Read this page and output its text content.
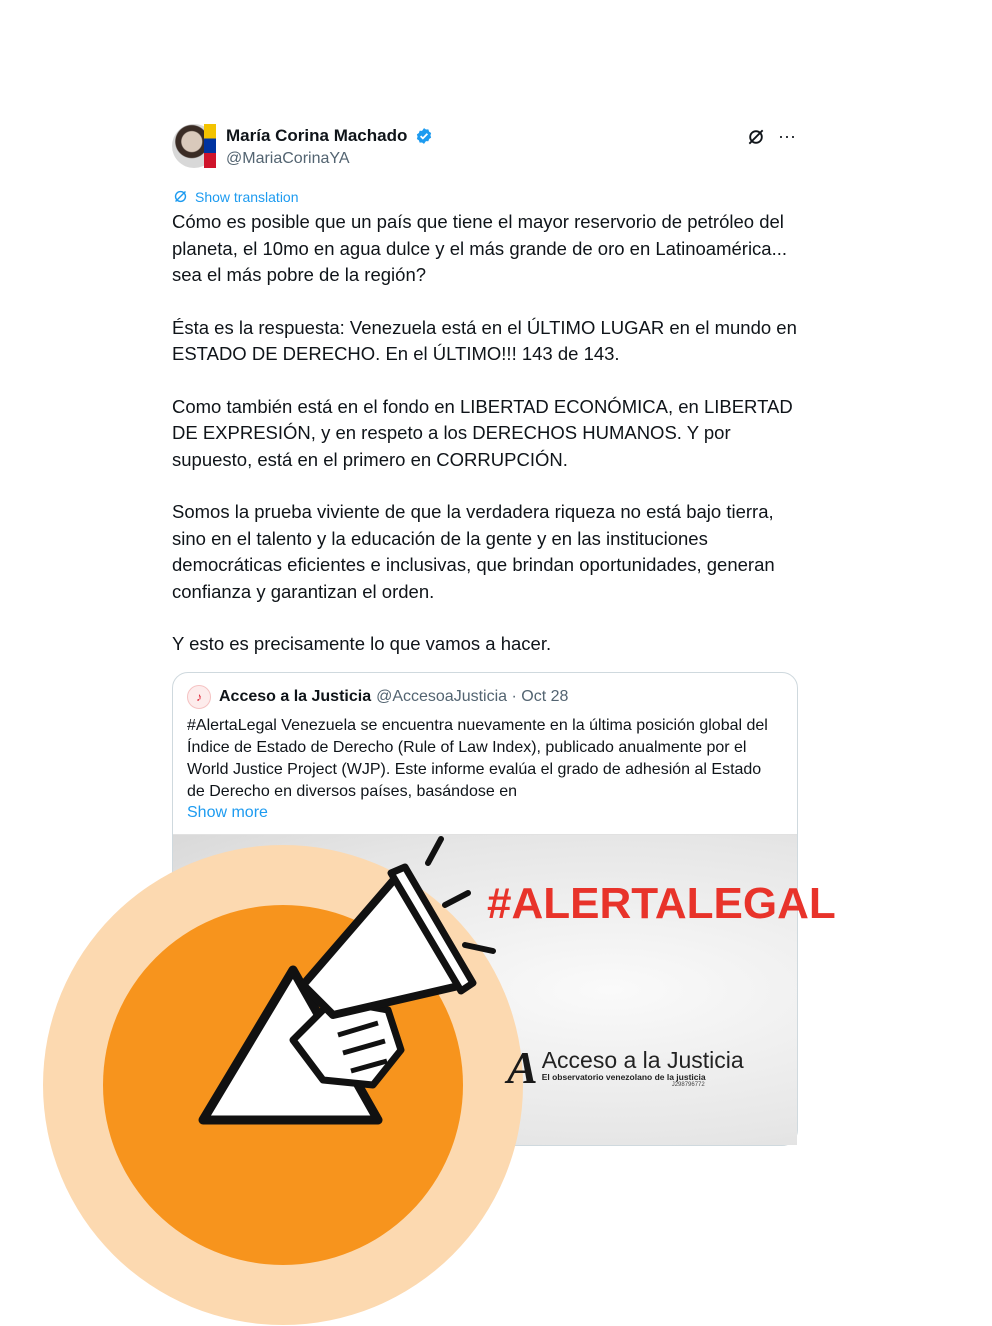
María Corina Machado
@MariaCorinaYA
···
Show translation

Cómo es posible que un país que tiene el mayor reservorio de petróleo del planeta, el 10mo en agua dulce y el más grande de oro en Latinoamérica... sea el más pobre de la región?

Ésta es la respuesta: Venezuela está en el ÚLTIMO LUGAR en el mundo en ESTADO DE DERECHO. En el ÚLTIMO!!! 143 de 143.

Como también está en el fondo en LIBERTAD ECONÓMICA, en LIBERTAD DE EXPRESIÓN, y en respeto a los DERECHOS HUMANOS. Y por supuesto, está en el primero en CORRUPCIÓN.

Somos la prueba viviente de que la verdadera riqueza no está bajo tierra, sino en el talento y la educación de la gente y en las instituciones democráticas eficientes e inclusivas, que brindan oportunidades, generan confianza y garantizan el orden.

Y esto es precisamente lo que vamos a hacer.

♪	Acceso a la Justicia @AccesoaJusticia · Oct 28
#AlertaLegal Venezuela se encuentra nuevamente en la última posición global del Índice de Estado de Derecho (Rule of Law Index), publicado anualmente por el World Justice Project (WJP). Este informe evalúa el grado de adhesión al Estado de Derecho en diversos países, basándose en
Show more
#ALERTALEGAL
A Acceso a la Justicia
El observatorio venezolano de la justicia
J298796772
